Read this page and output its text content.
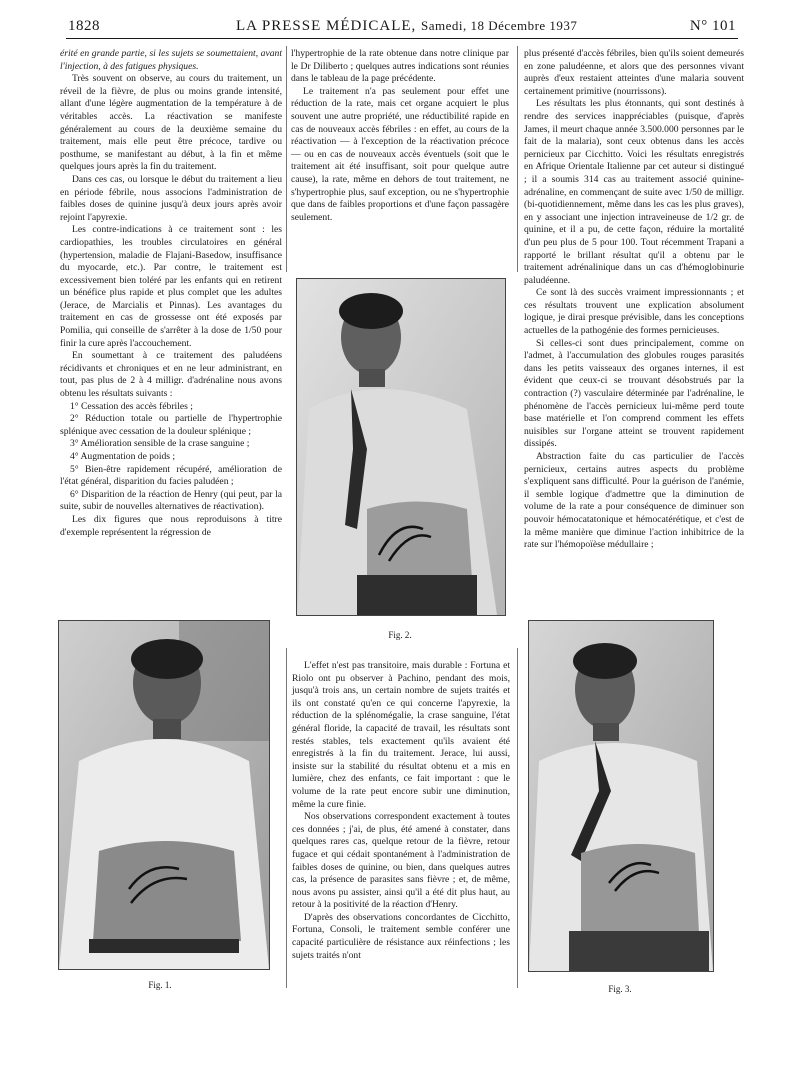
1828	LA PRESSE MÉDICALE, Samedi, 18 Décembre 1937	N° 101

érité en grande partie, si les sujets se soumettaient, avant l'injection, à des fatigues physiques.

Très souvent on observe, au cours du traitement, un réveil de la fièvre, de plus ou moins grande intensité, allant d'une légère augmentation de la température à de véritables accès. La réactivation se manifeste généralement au cours de la deuxième semaine du traitement, mais elle peut être précoce, tardive ou posthume, se manifestant au début, à la fin et même quelques jours après la fin du traitement.

Dans ces cas, ou lorsque le début du traitement a lieu en période fébrile, nous associons l'administration de faibles doses de quinine jusqu'à deux jours après avoir rejoint l'apyrexie.

Les contre-indications à ce traitement sont : les cardiopathies, les troubles circulatoires en général (hypertension, maladie de Flajani-Basedow, insuffisance du myocarde, etc.). Par contre, le traitement est excessivement bien toléré par les enfants qui en retirent un bénéfice plus rapide et plus complet que les adultes (Jerace, de Marcialis et Pinnas). Les avantages du traitement en cas de grossesse ont été exposés par Pomilia, qui conseille de s'arrêter à la dose de 1/50 pour finir la cure après l'accouchement.

En soumettant à ce traitement des paludéens récidivants et chroniques et en ne leur administrant, en tout, pas plus de 2 à 4 milligr. d'adrénaline nous avons obtenu les résultats suivants :

1° Cessation des accès fébriles ;

2° Réduction totale ou partielle de l'hypertrophie splénique avec cessation de la douleur splénique ;

3° Amélioration sensible de la crase sanguine ;

4° Augmentation de poids ;

5° Bien-être rapidement récupéré, amélioration de l'état général, disparition du facies paludéen ;

6° Disparition de la réaction de Henry (qui peut, par la suite, subir de nouvelles alternatives de réactivation).

Les dix figures que nous reproduisons à titre d'exemple représentent la régression de

l'hypertrophie de la rate obtenue dans notre clinique par le Dr Diliberto ; quelques autres indications sont réunies dans le tableau de la page précédente.

Le traitement n'a pas seulement pour effet une réduction de la rate, mais cet organe acquiert le plus souvent une autre propriété, une réductibilité rapide en cas de nouveaux accès fébriles : en effet, au cours de la réactivation — à l'exception de la réactivation précoce — ou en cas de nouveaux accès éventuels (soit que le traitement ait été insuffisant, soit pour quelque autre cause), la rate, même en dehors de tout traitement, ne s'hypertrophie plus, sauf exception, ou ne s'hypertrophie que dans de faibles proportions et d'une façon passagère seulement.

plus présenté d'accès fébriles, bien qu'ils soient demeurés en zone paludéenne, et alors que des personnes vivant auprès d'eux restaient atteintes d'une malaria souvent certainement primitive (nourrissons).

Les résultats les plus étonnants, qui sont destinés à rendre des services inappréciables (puisque, d'après James, il meurt chaque année 3.500.000 personnes par le fait de la malaria), sont ceux obtenus dans les accès pernicieux par Cicchitto. Voici les résultats enregistrés en Afrique Orientale Italienne par cet auteur si distingué ; il a soumis 314 cas au traitement associé quinine-adrénaline, en commençant de suite avec 1/50 de milligr. (bi-quotidiennement, même dans les cas les plus graves), en y associant une injection intraveineuse de 1/2 gr. de quinine, et il a pu, de cette façon, réduire la mortalité d'un peu plus de 5 pour 100. Tout récemment Trapani a rapporté le brillant résultat qu'il a obtenu par le traitement adrénalinique dans un cas d'hémoglobinurie paludéenne.

Ce sont là des succès vraiment impressionnants ; et ces résultats trouvent une explication absolument logique, je dirai presque prévisible, dans les conceptions actuelles de la pathogénie des formes pernicieuses.

Si celles-ci sont dues principalement, comme on l'admet, à l'accumulation des globules rouges parasités dans les petits vaisseaux des organes internes, il est évident que ceux-ci se trouvant désobstrués par la contraction (?) vasculaire déterminée par l'adrénaline, le phénomène de l'accès pernicieux lui-même perd toute base matérielle et l'on comprend comment les effets nuisibles sur l'organe atteint se trouvent rapidement dissipés.

Abstraction faite du cas particulier de l'accès pernicieux, certains autres aspects du problème s'expliquent sans difficulté. Pour la guérison de l'anémie, il semble logique d'admettre que la diminution de volume de la rate a pour conséquence de diminuer son pouvoir hémocatatonique et hémocatérétique, et c'est de la même manière que diminue l'action inhibitrice de la rate sur l'hémopoïèse médullaire ;

L'effet n'est pas transitoire, mais durable : Fortuna et Riolo ont pu observer à Pachino, pendant des mois, jusqu'à trois ans, un certain nombre de sujets traités et ils ont constaté qu'en ce qui concerne l'apyrexie, la réduction de la splénomégalie, la crase sanguine, l'état général floride, la capacité de travail, les résultats sont restés stables, tels exactement qu'ils avaient été enregistrés à la fin du traitement. Jerace, lui aussi, insiste sur la stabilité du résultat obtenu et a mis en lumière, chez des enfants, ce fait important : que le volume de la rate peut encore subir une diminution, même la cure finie.

Nos observations correspondent exactement à toutes ces données ; j'ai, de plus, été amené à constater, dans quelques rares cas, quelque retour de la fièvre, retour fugace et qui cédait spontanément à l'administration de faibles doses de quinine, ou bien, dans quelques autres cas, la présence de parasites sans fièvre ; et, de même, nous avons pu assister, ainsi qu'il a été dit plus haut, au retour à la positivité de la réaction d'Henry.

D'après des observations concordantes de Cicchitto, Fortuna, Consoli, le traitement semble conférer une capacité particulière de résistance aux réinfections ; les sujets traités n'ont

Fig. 1.
Fig. 2.
Fig. 3.
